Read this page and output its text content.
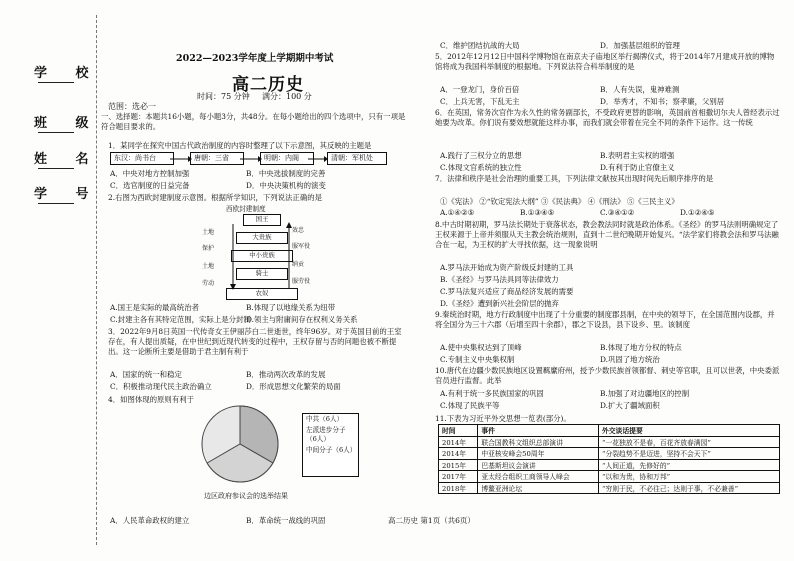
学 校
班 级
姓 名
学 号
2022—2023学年度上学期期中考试
高二历史
时间：75 分钟 满分：100 分
范围：选必一
一、选择题：本题共16小题，每小题3分，共48分。在每小题给出的四个选项中，只有一项是符合题目要求的。
1．某同学在探究中国古代政治制度的内容时整理了以下示意图，其反映的主题是
东汉：尚书台	唐朝：三省	明朝：内阁	清朝：军机处
A．中央对地方控制加强	B．中央选拔制度的完善
C．选官制度的日益完备	D．中央决策机构的演变
2.右图为西欧封建制度示意图。根据所学知识，下列说法正确的是
西欧封建制度
国王
大贵族
中小贵族
骑士
农奴
土地
保护
土地
劳动
效忠
服军役
纳贡
服劳役
A.国王是实际的最高统治者	B.体现了以地缘关系为纽带
C.封建主各有其特定范围，实际上是分封制
D.领主与附庸间存在权利义务关系
3．2022年9月8日英国一代传奇女王伊丽莎白二世逝世，终年96岁。对于英国目前的王室存在，有人提出质疑，在中世纪到近现代转变的过程中，王权存留与否的问题也被不断提出。这一论断所主要是借助于君主制有利于
A．国家的统一和稳定	B．推动两次改革的发展
C．积极推动现代民主政治确立	D．形成思想文化繁荣的局面
4．如图体现的原则有利于
中共（6人）
左派进步分子（6人）
中间分子（6人）
边区政府参议会的选举结果
A．人民革命政权的建立	B．革命统一战线的巩固
C．维护团结抗战的大局	D．加强基层组织的管理
5．2012年12月12日中国科学博物馆在南京夫子庙地区举行揭牌仪式，将于2014年7月建成开放的博物馆将成为我国科举制度的根据地。下列说法符合科举制度的是
A．一登龙门，身价百倍	B．人有失误，鬼神难测
C．上兵无害，下乱无主	D．举秀才，不知书；察孝廉，父别居
6．在英国，常务次官作为永久性的常务副部长，不受政府更替的影响，英国前首相撒切尔夫人曾经表示过她要为改革。你们说有要效想就能这样办事，而我们就会带着在完全不同的条件下运作。这一传统
A.践行了三权分立的思想	B.表明君主实权的增强
C.体现文官系统的独立性	D.有利于防止官僚主义
7．法律和秩序是社会治理的重要工具，下列法律文献按其出现时间先后顺序排序的是
①《宪法》 ②“钦定宪法大纲” ③《民法典》 ④《刑法》 ⑤《三民主义》
A.①④②⑤	B.①③④⑤	C.③④①②	D.①②④⑤
8.中古时期初期，罗马法长期处于衰落状态，教会教法同时就是政治体系。《圣经》的罗马法则明确规定了王权来源于上帝并须服从天主教会统治规则，直到十二世纪晚期开始复兴。“法学家们将教会法和罗马法融合在一起，为王权的扩大寻找依据，这一现象说明
A.罗马法开始成为资产阶级反封建的工具
B.《圣经》与罗马法具同等法律效力
C.罗马法复兴适应了商品经济发展的需要
D.《圣经》遭到新兴社会阶层的抛弃
9.秦统治时期，地方行政制度中出现了十分重要的制度郡县制，在中央的领导下，在全国范围内设郡，并将全国分为三十六郡（后增至四十余郡），郡之下设县，县下设乡、里。该制度
A.使中央集权达到了顶峰	B.体现了地方分权的特点
C.专制主义中央集权制	D.巩固了地方统治
10.唐代在边疆少数民族地区设置羁縻府州，授予少数民族首领都督、刺史等官职，且可以世袭，中央委派官员进行监督。此举
A.有利于统一多民族国家的巩固	B.加强了对边疆地区的控制
C.体现了民族平等	D.扩大了疆域面积
11.下表为习近平外交思想一览表(部分)。
时间	事件	外交谈话提要
2014年	联合国教科文组织总部演讲	“一花独放不是春，百花齐放春满园”
2014年	中亚核安峰会50周年	“分裂趋势不是迈进，坚持不会天下”
2015年	巴基斯坦议会演讲	“人间正道，先修好的”
2017年	亚太经合组织工商领导人峰会	“以和为贵，协和万邦”
2018年	博鳌亚洲论坛	“穷则于民，不必往己；达则于事，不必兼善”
高二历史 第1页（共6页）
